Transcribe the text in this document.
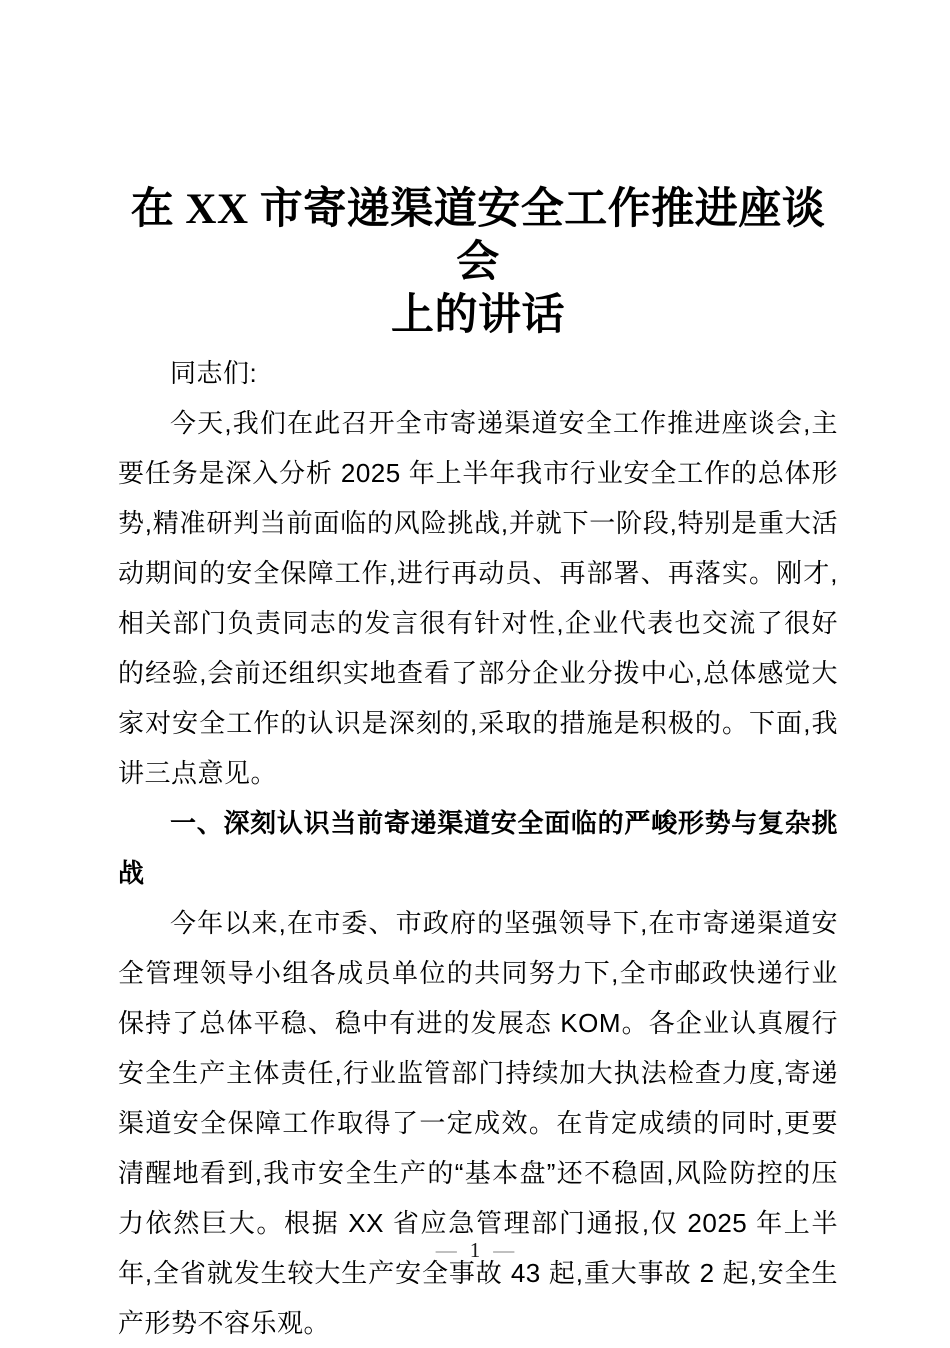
在 XX 市寄递渠道安全工作推进座谈会
上的讲话

同志们:

今天,我们在此召开全市寄递渠道安全工作推进座谈会,主要任务是深入分析 2025 年上半年我市行业安全工作的总体形势,精准研判当前面临的风险挑战,并就下一阶段,特别是重大活动期间的安全保障工作,进行再动员、再部署、再落实。刚才,相关部门负责同志的发言很有针对性,企业代表也交流了很好的经验,会前还组织实地查看了部分企业分拨中心,总体感觉大家对安全工作的认识是深刻的,采取的措施是积极的。下面,我讲三点意见。

一、深刻认识当前寄递渠道安全面临的严峻形势与复杂挑战

今年以来,在市委、市政府的坚强领导下,在市寄递渠道安全管理领导小组各成员单位的共同努力下,全市邮政快递行业保持了总体平稳、稳中有进的发展态 KOM。各企业认真履行安全生产主体责任,行业监管部门持续加大执法检查力度,寄递渠道安全保障工作取得了一定成效。在肯定成绩的同时,更要清醒地看到,我市安全生产的“基本盘”还不稳固,风险防控的压力依然巨大。根据 XX 省应急管理部门通报,仅 2025 年上半年,全省就发生较大生产安全事故 43 起,重大事故 2 起,安全生产形势不容乐观。

— 1 —
